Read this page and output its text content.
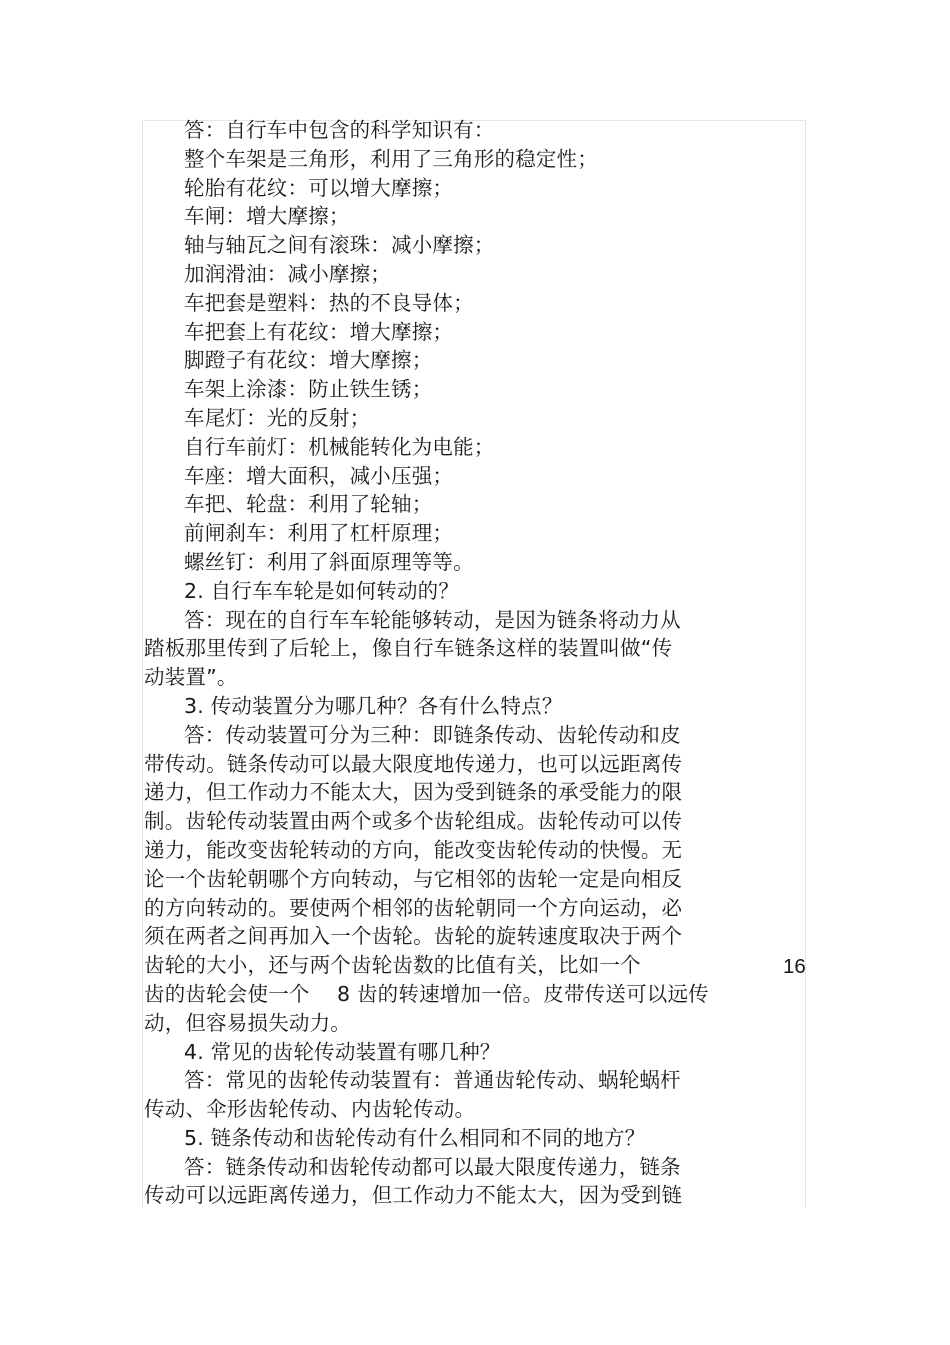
答：自行车中包含的科学知识有：
整个车架是三角形，利用了三角形的稳定性；
轮胎有花纹：可以增大摩擦；
车闸：增大摩擦；
轴与轴瓦之间有滚珠：减小摩擦；
加润滑油：减小摩擦；
车把套是塑料：热的不良导体；
车把套上有花纹：增大摩擦；
脚蹬子有花纹：增大摩擦；
车架上涂漆：防止铁生锈；
车尾灯：光的反射；
自行车前灯：机械能转化为电能；
车座：增大面积，减小压强；
车把、轮盘：利用了轮轴；
前闸刹车：利用了杠杆原理；
螺丝钉：利用了斜面原理等等。
2. 自行车车轮是如何转动的？
答：现在的自行车车轮能够转动，是因为链条将动力从
踏板那里传到了后轮上，像自行车链条这样的装置叫做“传
动装置”。
3. 传动装置分为哪几种？各有什么特点？
答：传动装置可分为三种：即链条传动、齿轮传动和皮
带传动。链条传动可以最大限度地传递力，也可以远距离传
递力，但工作动力不能太大，因为受到链条的承受能力的限
制。齿轮传动装置由两个或多个齿轮组成。齿轮传动可以传
递力，能改变齿轮转动的方向，能改变齿轮传动的快慢。无
论一个齿轮朝哪个方向转动，与它相邻的齿轮一定是向相反
的方向转动的。要使两个相邻的齿轮朝同一个方向运动，必
须在两者之间再加入一个齿轮。齿轮的旋转速度取决于两个
齿轮的大小，还与两个齿轮齿数的比值有关，比如一个
齿的齿轮会使一个　 8 齿的转速增加一倍。皮带传送可以远传
动，但容易损失动力。
4. 常见的齿轮传动装置有哪几种？
答：常见的齿轮传动装置有：普通齿轮传动、蜗轮蜗杆
传动、伞形齿轮传动、内齿轮传动。
5. 链条传动和齿轮传动有什么相同和不同的地方？
答：链条传动和齿轮传动都可以最大限度传递力，链条
传动可以远距离传递力，但工作动力不能太大，因为受到链
16
